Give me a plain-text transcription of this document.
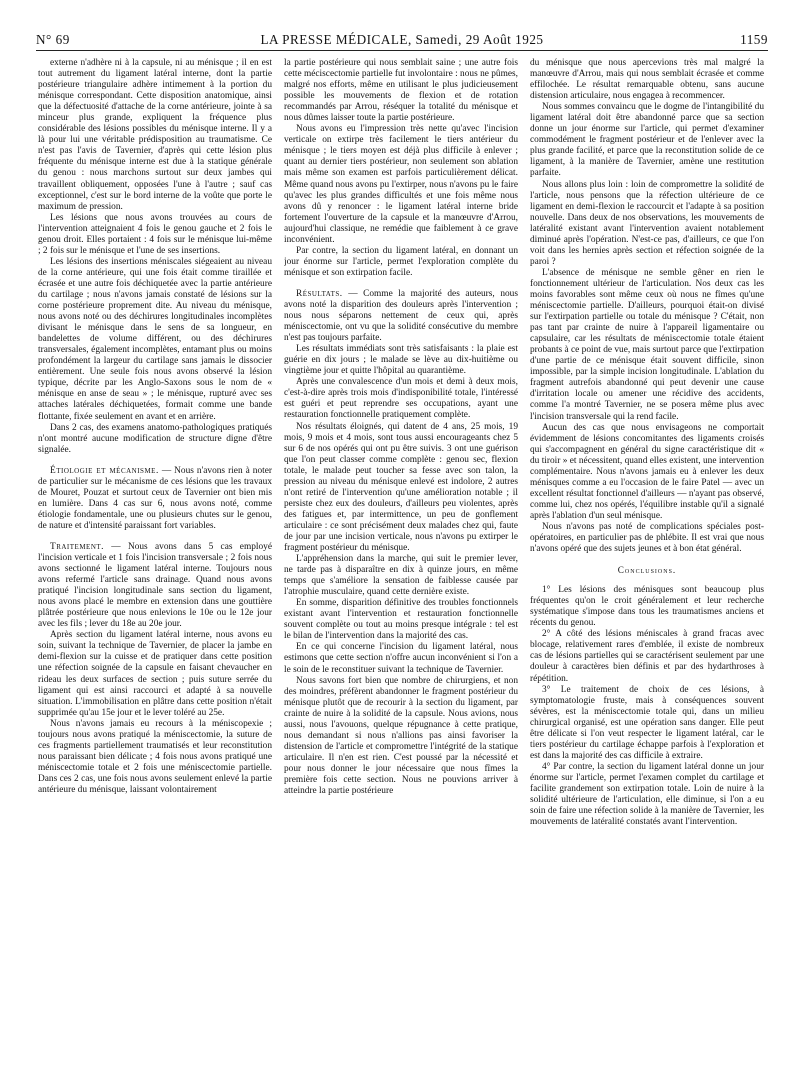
N° 69	LA PRESSE MÉDICALE, Samedi, 29 Août 1925	1159

externe n'adhère ni à la capsule, ni au ménisque ; il en est tout autrement du ligament latéral interne, dont la partie postérieure triangulaire adhère intimement à la portion du ménisque correspondant. Cette disposition anatomique, ainsi que la défectuosité d'attache de la corne antérieure, jointe à sa minceur plus grande, expliquent la fréquence plus considérable des lésions possibles du ménisque interne. Il y a là pour lui une véritable prédisposition au traumatisme. Ce n'est pas l'avis de Tavernier, d'après qui cette lésion plus fréquente du ménisque interne est due à la statique générale du genou : nous marchons surtout sur deux jambes qui travaillent obliquement, opposées l'une à l'autre ; sauf cas exceptionnel, c'est sur le bord interne de la voûte que porte le maximum de pression.

Les lésions que nous avons trouvées au cours de l'intervention atteignaient 4 fois le genou gauche et 2 fois le genou droit. Elles portaient : 4 fois sur le ménisque lui-même ; 2 fois sur le ménisque et l'une de ses insertions.

Les lésions des insertions méniscales siégeaient au niveau de la corne antérieure, qui une fois était comme tiraillée et écrasée et une autre fois déchiquetée avec la partie antérieure du cartilage ; nous n'avons jamais constaté de lésions sur la corne postérieure proprement dite. Au niveau du ménisque, nous avons noté ou des déchirures longitudinales incomplètes divisant le ménisque dans le sens de sa longueur, en bandelettes de volume différent, ou des déchirures transversales, également incomplètes, entamant plus ou moins profondément la largeur du cartilage sans jamais le dissocier entièrement. Une seule fois nous avons observé la lésion typique, décrite par les Anglo-Saxons sous le nom de « ménisque en anse de seau » ; le ménisque, rupturé avec ses attaches latérales déchiquetées, formait comme une bande flottante, fixée seulement en avant et en arrière.

Dans 2 cas, des examens anatomo-pathologiques pratiqués n'ont montré aucune modification de structure digne d'être signalée.

Étiologie et mécanisme. — Nous n'avons rien à noter de particulier sur le mécanisme de ces lésions que les travaux de Mouret, Pouzat et surtout ceux de Tavernier ont bien mis en lumière. Dans 4 cas sur 6, nous avons noté, comme étiologie fondamentale, une ou plusieurs chutes sur le genou, de nature et d'intensité paraissant fort variables.

Traitement. — Nous avons dans 5 cas employé l'incision verticale et 1 fois l'incision transversale ; 2 fois nous avons sectionné le ligament latéral interne. Toujours nous avons refermé l'article sans drainage. Quand nous avons pratiqué l'incision longitudinale sans section du ligament, nous avons placé le membre en extension dans une gouttière plâtrée postérieure que nous enlevions le 10e ou le 12e jour avec les fils ; lever du 18e au 20e jour.

Après section du ligament latéral interne, nous avons eu soin, suivant la technique de Tavernier, de placer la jambe en demi-flexion sur la cuisse et de pratiquer dans cette position une réfection soignée de la capsule en faisant chevaucher en rideau les deux surfaces de section ; puis suture serrée du ligament qui est ainsi raccourci et adapté à sa nouvelle situation. L'immobilisation en plâtre dans cette position n'était supprimée qu'au 15e jour et le lever toléré au 25e.

Nous n'avons jamais eu recours à la méniscopexie ; toujours nous avons pratiqué la méniscectomie, la suture de ces fragments partiellement traumatisés et leur reconstitution nous paraissant bien délicate ; 4 fois nous avons pratiqué une méniscectomie totale et 2 fois une méniscectomie partielle. Dans ces 2 cas, une fois nous avons seulement enlevé la partie antérieure du ménisque, laissant volontairement

la partie postérieure qui nous semblait saine ; une autre fois cette méciscectomie partielle fut involontaire : nous ne pûmes, malgré nos efforts, même en utilisant le plus judicieusement possible les mouvements de flexion et de rotation recommandés par Arrou, réséquer la totalité du ménisque et nous dûmes laisser toute la partie postérieure.

Nous avons eu l'impression très nette qu'avec l'incision verticale on extirpe très facilement le tiers antérieur du ménisque ; le tiers moyen est déjà plus difficile à enlever ; quant au dernier tiers postérieur, non seulement son ablation mais même son examen est parfois particulièrement délicat. Même quand nous avons pu l'extirper, nous n'avons pu le faire qu'avec les plus grandes difficultés et une fois même nous avons dû y renoncer : le ligament latéral interne bride fortement l'ouverture de la capsule et la manœuvre d'Arrou, aujourd'hui classique, ne remédie que faiblement à ce grave inconvénient.

Par contre, la section du ligament latéral, en donnant un jour énorme sur l'article, permet l'exploration complète du ménisque et son extirpation facile.

Résultats. — Comme la majorité des auteurs, nous avons noté la disparition des douleurs après l'intervention ; nous nous séparons nettement de ceux qui, après méniscectomie, ont vu que la solidité consécutive du membre n'est pas toujours parfaite.

Les résultats immédiats sont très satisfaisants : la plaie est guérie en dix jours ; le malade se lève au dix-huitième ou vingtième jour et quitte l'hôpital au quarantième.

Après une convalescence d'un mois et demi à deux mois, c'est-à-dire après trois mois d'indisponibilité totale, l'intéressé est guéri et peut reprendre ses occupations, ayant une restauration fonctionnelle pratiquement complète.

Nos résultats éloignés, qui datent de 4 ans, 25 mois, 19 mois, 9 mois et 4 mois, sont tous aussi encourageants chez 5 sur 6 de nos opérés qui ont pu être suivis. 3 ont une guérison que l'on peut classer comme complète : genou sec, flexion totale, le malade peut toucher sa fesse avec son talon, la pression au niveau du ménisque enlevé est indolore, 2 autres n'ont retiré de l'intervention qu'une amélioration notable ; il persiste chez eux des douleurs, d'ailleurs peu violentes, après des fatigues et, par intermittence, un peu de gonflement articulaire : ce sont précisément deux malades chez qui, faute de jour par une incision verticale, nous n'avons pu extirper le fragment postérieur du ménisque.

L'appréhension dans la marche, qui suit le premier lever, ne tarde pas à disparaître en dix à quinze jours, en même temps que s'améliore la sensation de faiblesse causée par l'atrophie musculaire, quand cette dernière existe.

En somme, disparition définitive des troubles fonctionnels existant avant l'intervention et restauration fonctionnelle souvent complète ou tout au moins presque intégrale : tel est le bilan de l'intervention dans la majorité des cas.

En ce qui concerne l'incision du ligament latéral, nous estimons que cette section n'offre aucun inconvénient si l'on a le soin de le reconstituer suivant la technique de Tavernier.

Nous savons fort bien que nombre de chirurgiens, et non des moindres, préfèrent abandonner le fragment postérieur du ménisque plutôt que de recourir à la section du ligament, par crainte de nuire à la solidité de la capsule. Nous avions, nous aussi, nous l'avouons, quelque répugnance à cette pratique, nous demandant si nous n'allions pas ainsi favoriser la distension de l'article et compromettre l'intégrité de la statique articulaire. Il n'en est rien. C'est poussé par la nécessité et pour nous donner le jour nécessaire que nous fîmes la première fois cette section. Nous ne pouvions arriver à atteindre la partie postérieure

du ménisque que nous apercevions très mal malgré la manœuvre d'Arrou, mais qui nous semblait écrasée et comme effilochée. Le résultat remarquable obtenu, sans aucune distension articulaire, nous engagea à recommencer.

Nous sommes convaincu que le dogme de l'intangibilité du ligament latéral doit être abandonné parce que sa section donne un jour énorme sur l'article, qui permet d'examiner commodément le fragment postérieur et de l'enlever avec la plus grande facilité, et parce que la reconstitution solide de ce ligament, à la manière de Tavernier, amène une restitution parfaite.

Nous allons plus loin : loin de compromettre la solidité de l'article, nous pensons que la réfection ultérieure de ce ligament en demi-flexion le raccourcit et l'adapte à sa position nouvelle. Dans deux de nos observations, les mouvements de latéralité existant avant l'intervention avaient notablement diminué après l'opération. N'est-ce pas, d'ailleurs, ce que l'on voit dans les hernies après section et réfection soignée de la paroi ?

L'absence de ménisque ne semble gêner en rien le fonctionnement ultérieur de l'articulation. Nos deux cas les moins favorables sont même ceux où nous ne fîmes qu'une méniscectomie partielle. D'ailleurs, pourquoi était-on divisé sur l'extirpation partielle ou totale du ménisque ? C'était, non pas tant par crainte de nuire à l'appareil ligamentaire ou capsulaire, car les résultats de méniscectomie totale étaient probants à ce point de vue, mais surtout parce que l'extirpation d'une partie de ce ménisque était souvent difficile, sinon impossible, par la simple incision longitudinale. L'ablation du fragment autrefois abandonné qui peut devenir une cause d'irritation locale ou amener une récidive des accidents, comme l'a montré Tavernier, ne se posera même plus avec l'incision transversale qui la rend facile.

Aucun des cas que nous envisageons ne comportait évidemment de lésions concomitantes des ligaments croisés qui s'accompagnent en général du signe caractéristique dit « du tiroir » et nécessitent, quand elles existent, une intervention complémentaire. Nous n'avons jamais eu à enlever les deux ménisques comme a eu l'occasion de le faire Patel — avec un excellent résultat fonctionnel d'ailleurs — n'ayant pas observé, comme lui, chez nos opérés, l'équilibre instable qu'il a signalé après l'ablation d'un seul ménisque.

Nous n'avons pas noté de complications spéciales post-opératoires, en particulier pas de phlébite. Il est vrai que nous n'avons opéré que des sujets jeunes et à bon état général.

Conclusions.

1° Les lésions des ménisques sont beaucoup plus fréquentes qu'on le croit généralement et leur recherche systématique s'impose dans tous les traumatismes anciens et récents du genou.

2° A côté des lésions méniscales à grand fracas avec blocage, relativement rares d'emblée, il existe de nombreux cas de lésions partielles qui se caractérisent seulement par une douleur à caractères bien définis et par des hydarthroses à répétition.

3° Le traitement de choix de ces lésions, à symptomatologie fruste, mais à conséquences souvent sévères, est la méniscectomie totale qui, dans un milieu chirurgical organisé, est une opération sans danger. Elle peut être délicate si l'on veut respecter le ligament latéral, car le tiers postérieur du cartilage échappe parfois à l'exploration et est dans la majorité des cas difficile à extraire.

4° Par contre, la section du ligament latéral donne un jour énorme sur l'article, permet l'examen complet du cartilage et facilite grandement son extirpation totale. Loin de nuire à la solidité ultérieure de l'articulation, elle diminue, si l'on a eu soin de faire une réfection solide à la manière de Tavernier, les mouvements de latéralité constatés avant l'intervention.
